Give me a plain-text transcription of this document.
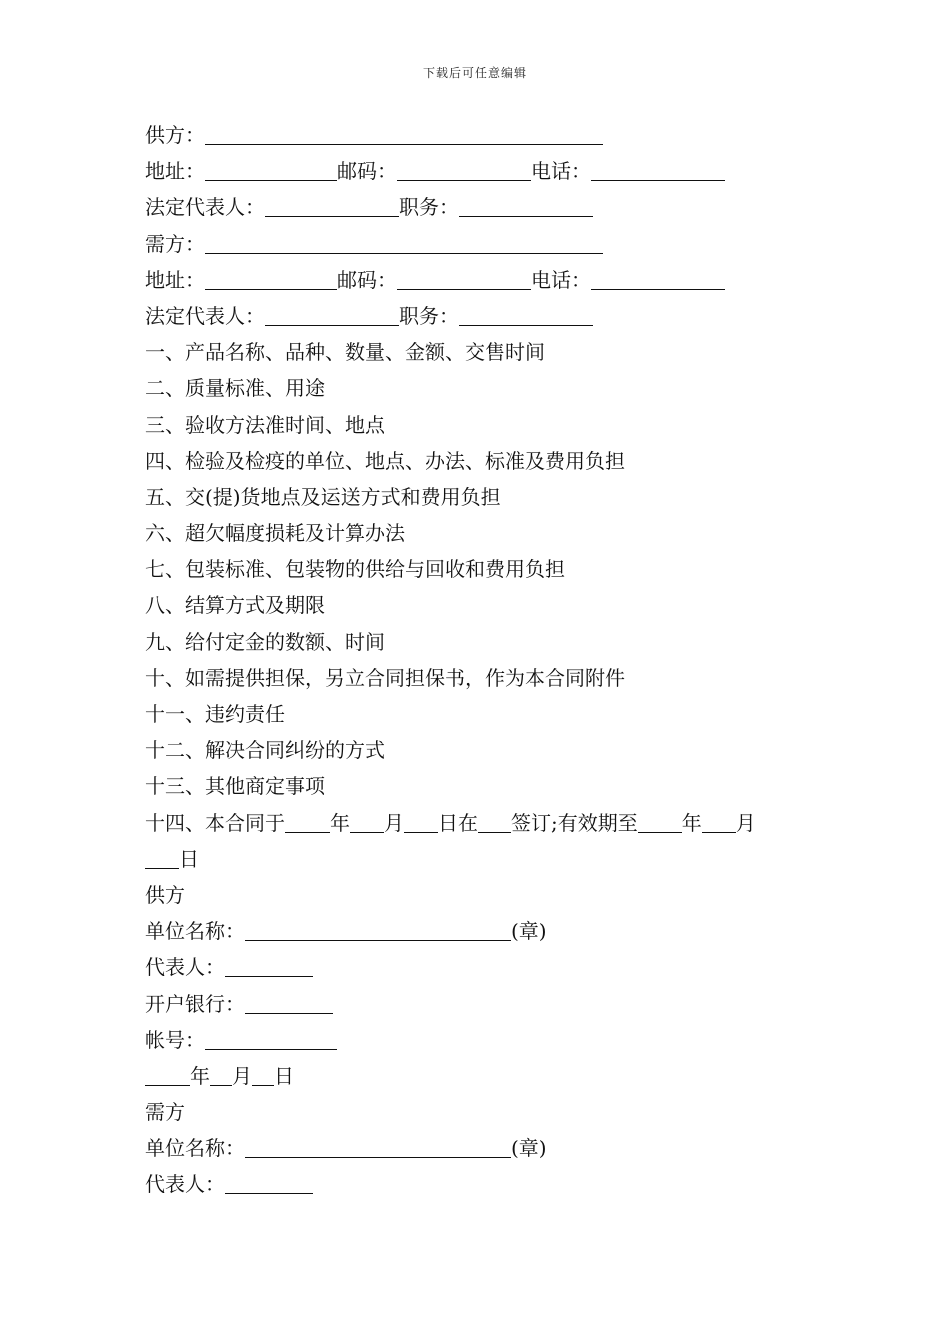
下载后可任意编辑
供方：
地址：	邮码：	电话：
法定代表人：	职务：
需方：
地址：	邮码：	电话：
法定代表人：	职务：
一、产品名称、品种、数量、金额、交售时间
二、质量标准、用途
三、验收方法准时间、地点
四、检验及检疫的单位、地点、办法、标准及费用负担
五、交(提)货地点及运送方式和费用负担
六、超欠幅度损耗及计算办法
七、包装标准、包装物的供给与回收和费用负担
八、结算方式及期限
九、给付定金的数额、时间
十、如需提供担保，另立合同担保书，作为本合同附件
十一、违约责任
十二、解决合同纠纷的方式
十三、其他商定事项
十四、本合同于 年 月 日在 签订;有效期至 年 月
日
供方
单位名称：	(章)
代表人：
开户银行：
帐号：
年 月 日
需方
单位名称：	(章)
代表人：
